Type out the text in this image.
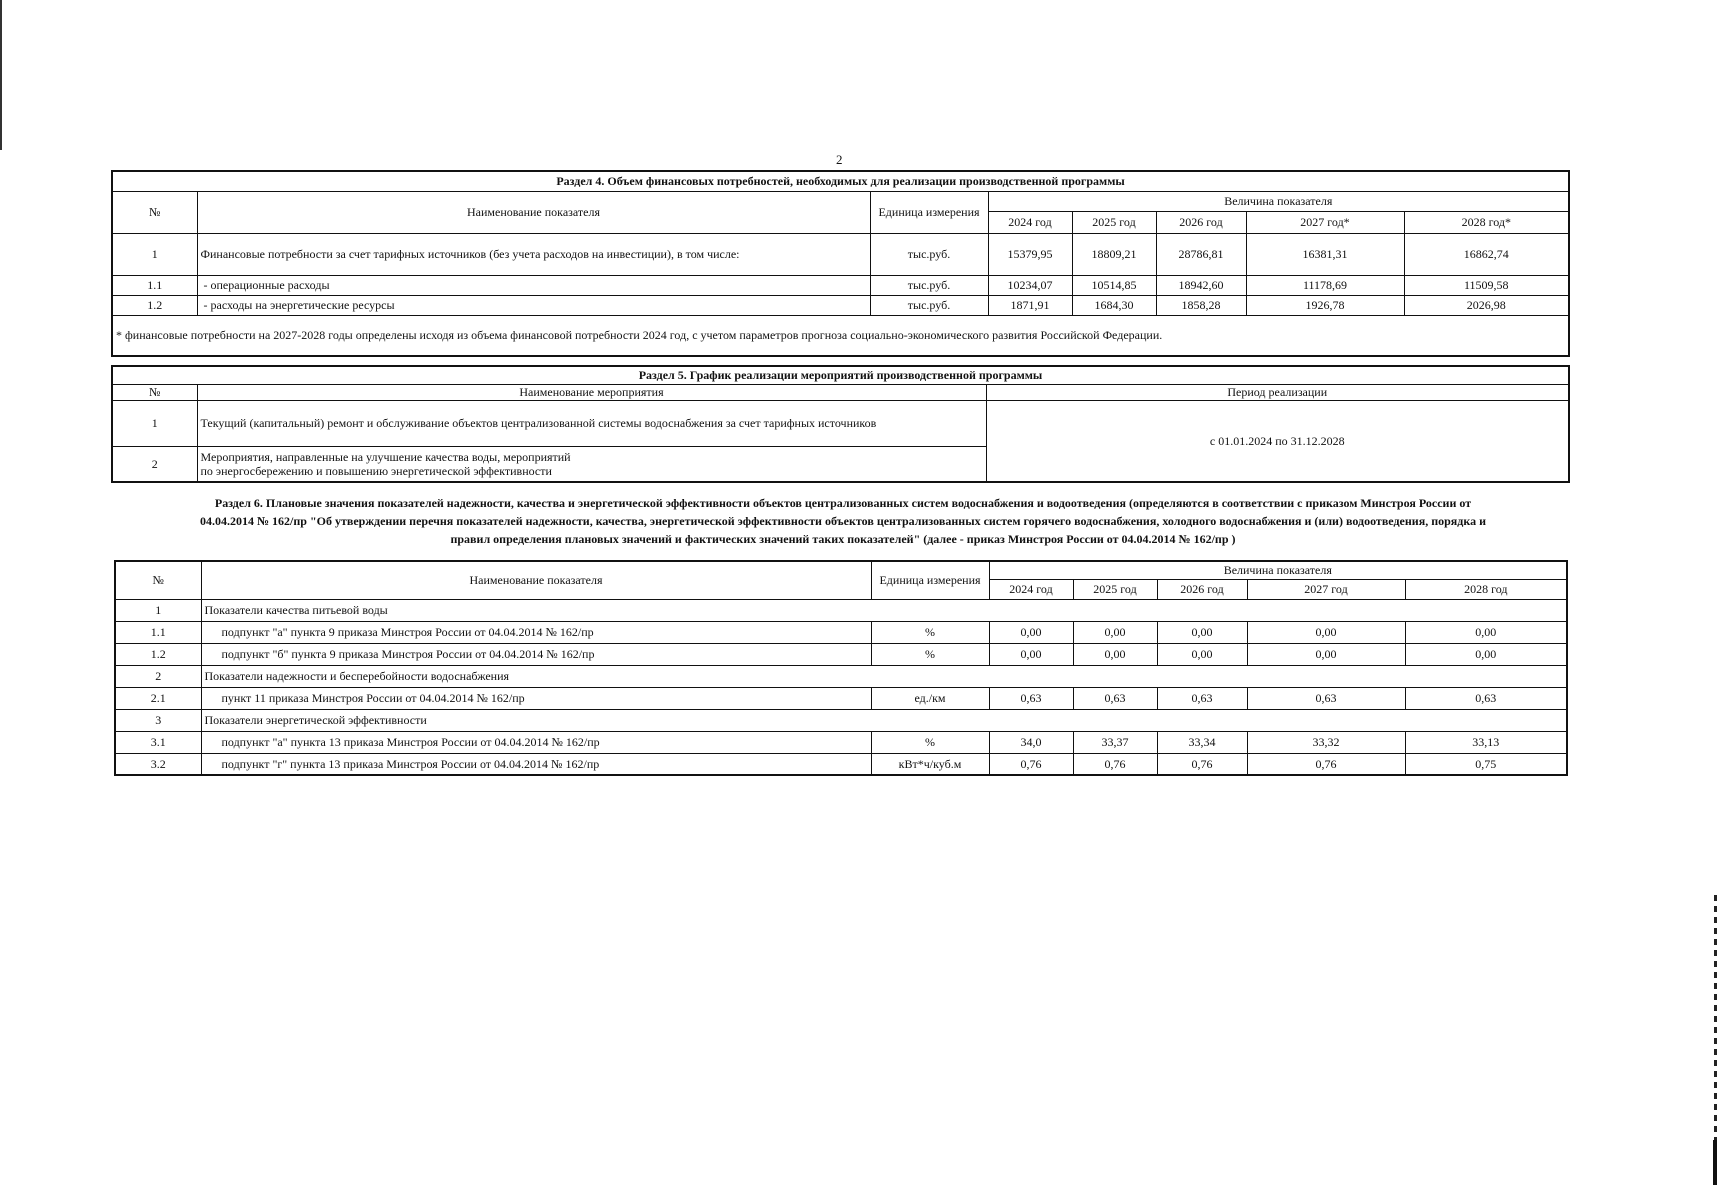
2
Раздел 4. Объем финансовых потребностей, необходимых для реализации производственной программы							
№	Наименование показателя	Единица измерения	Величина показателя				
			2024 год	2025 год	2026 год	2027 год*	2028 год*
1	Финансовые потребности за счет тарифных источников (без учета расходов на инвестиции), в том числе:	тыс.руб.	15379,95	18809,21	28786,81	16381,31	16862,74
1.1	- операционные расходы	тыс.руб.	10234,07	10514,85	18942,60	11178,69	11509,58
1.2	- расходы на энергетические ресурсы	тыс.руб.	1871,91	1684,30	1858,28	1926,78	2026,98
* финансовые потребности на 2027-2028 годы определены исходя из объема финансовой потребности 2024 год, с учетом параметров прогноза социально-экономического развития Российской Федерации.							
Раздел 5. График реализации мероприятий производственной программы		
№	Наименование мероприятия	Период реализации
1	Текущий (капитальный) ремонт и обслуживание объектов централизованной системы водоснабжения за счет тарифных источников	с 01.01.2024 по 31.12.2028
2	Мероприятия, направленные на улучшение качества воды, мероприятий
по энергосбережению и повышению энергетической эффективности	
Раздел 6. Плановые значения показателей надежности, качества и энергетической эффективности объектов централизованных систем водоснабжения и водоотведения (определяются в соответствии с приказом Минстроя России от
04.04.2014 № 162/пр "Об утверждении перечня показателей надежности, качества, энергетической эффективности объектов централизованных систем горячего водоснабжения, холодного водоснабжения и (или) водоотведения, порядка и
правил определения плановых значений и фактических значений таких показателей" (далее - приказ Минстроя России от 04.04.2014 № 162/пр )
№	Наименование показателя	Единица измерения	Величина показателя				
			2024 год	2025 год	2026 год	2027 год	2028 год
1	Показатели качества питьевой воды						
1.1	подпункт "а" пункта 9 приказа Минстроя России от 04.04.2014 № 162/пр	%	0,00	0,00	0,00	0,00	0,00
1.2	подпункт "б" пункта 9 приказа Минстроя России от 04.04.2014 № 162/пр	%	0,00	0,00	0,00	0,00	0,00
2	Показатели надежности и бесперебойности водоснабжения						
2.1	пункт 11 приказа Минстроя России от 04.04.2014 № 162/пр	ед./км	0,63	0,63	0,63	0,63	0,63
3	Показатели энергетической эффективности						
3.1	подпункт "а" пункта 13 приказа Минстроя России от 04.04.2014 № 162/пр	%	34,0	33,37	33,34	33,32	33,13
3.2	подпункт "г" пункта 13 приказа Минстроя России от 04.04.2014 № 162/пр	кВт*ч/куб.м	0,76	0,76	0,76	0,76	0,75
